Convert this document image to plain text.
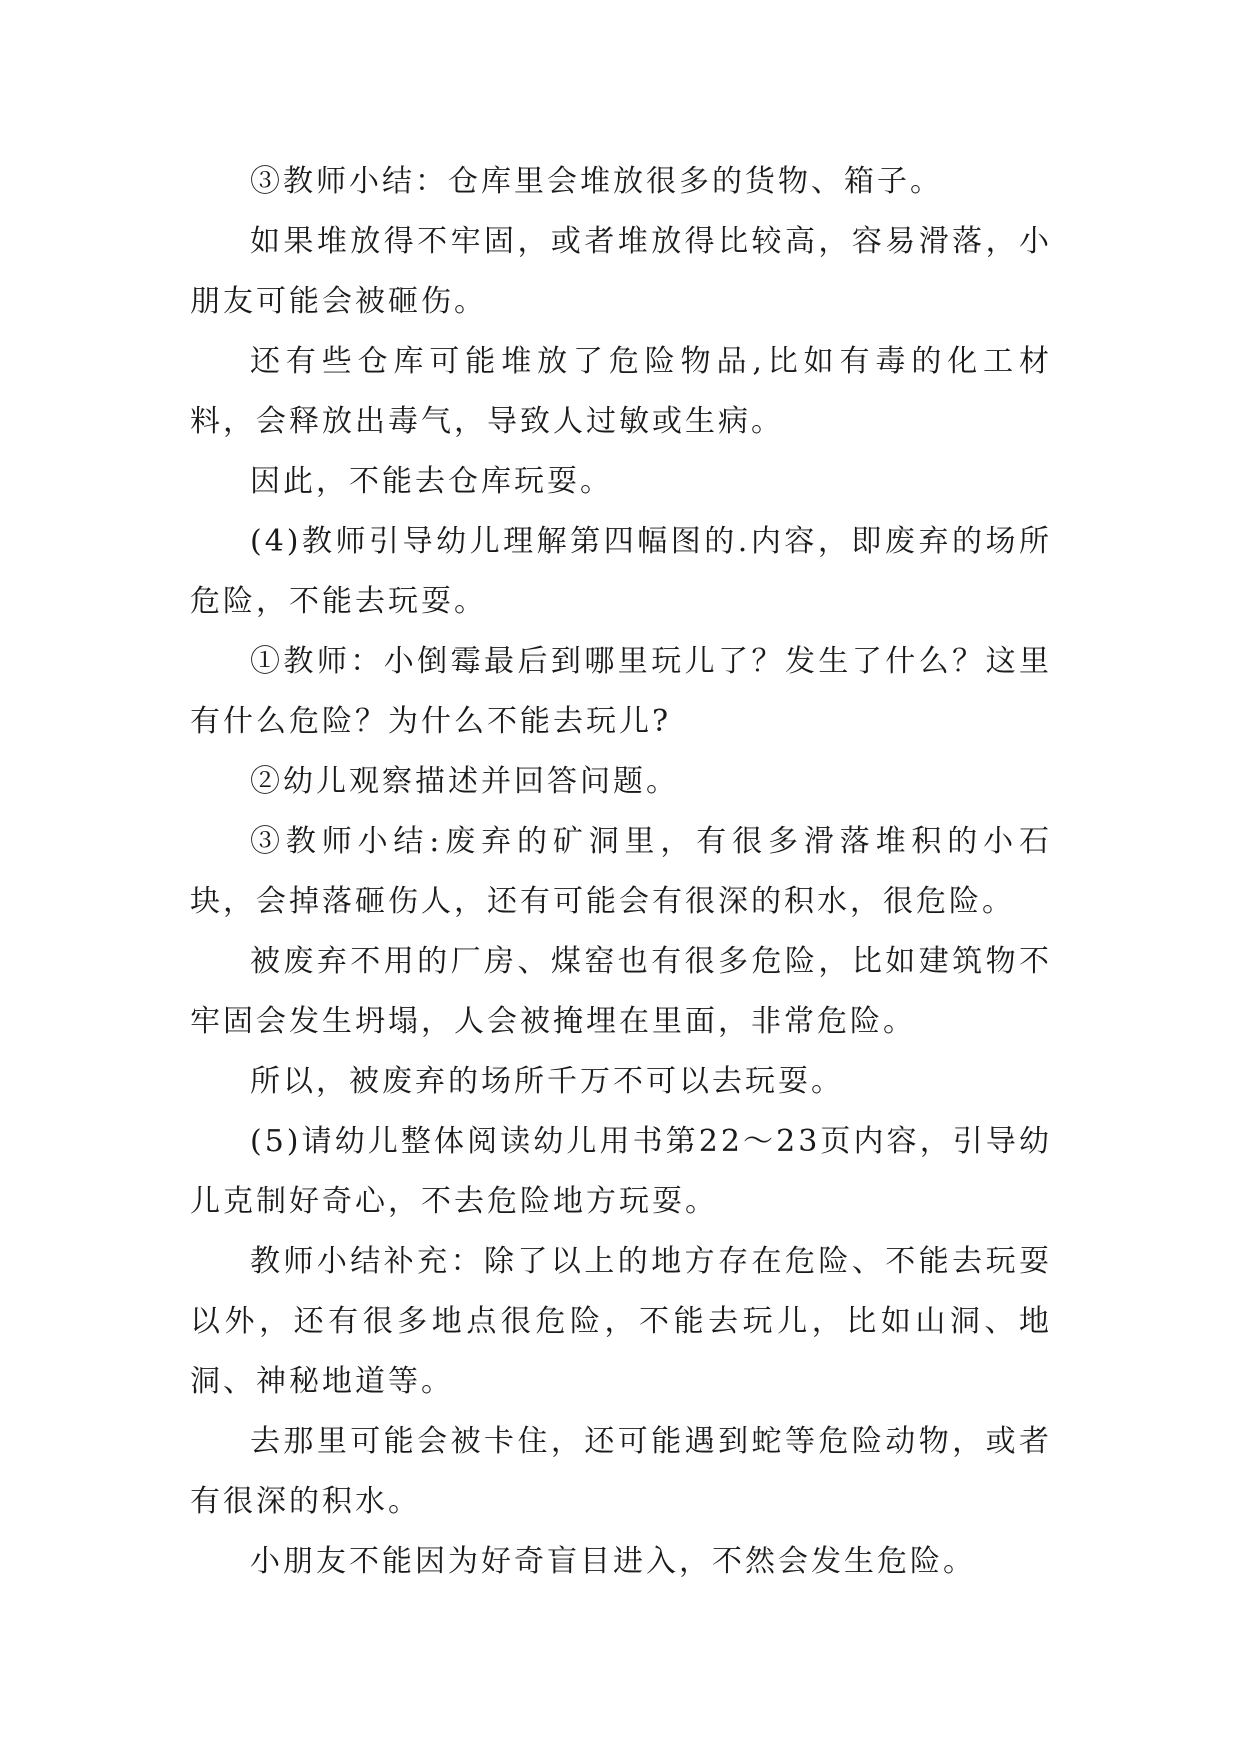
③教师小结：仓库里会堆放很多的货物、箱子。

如果堆放得不牢固，或者堆放得比较高，容易滑落，小朋友可能会被砸伤。

还有些仓库可能堆放了危险物品,比如有毒的化工材料，会释放出毒气，导致人过敏或生病。

因此，不能去仓库玩耍。

(4)教师引导幼儿理解第四幅图的.内容，即废弃的场所危险，不能去玩耍。

①教师：小倒霉最后到哪里玩儿了？发生了什么？这里有什么危险？为什么不能去玩儿?

②幼儿观察描述并回答问题。

③教师小结:废弃的矿洞里，有很多滑落堆积的小石块，会掉落砸伤人，还有可能会有很深的积水，很危险。

被废弃不用的厂房、煤窑也有很多危险，比如建筑物不牢固会发生坍塌，人会被掩埋在里面，非常危险。

所以，被废弃的场所千万不可以去玩耍。

(5)请幼儿整体阅读幼儿用书第22～23页内容，引导幼儿克制好奇心，不去危险地方玩耍。

教师小结补充：除了以上的地方存在危险、不能去玩耍以外，还有很多地点很危险，不能去玩儿，比如山洞、地洞、神秘地道等。

去那里可能会被卡住，还可能遇到蛇等危险动物，或者有很深的积水。

小朋友不能因为好奇盲目进入，不然会发生危险。
